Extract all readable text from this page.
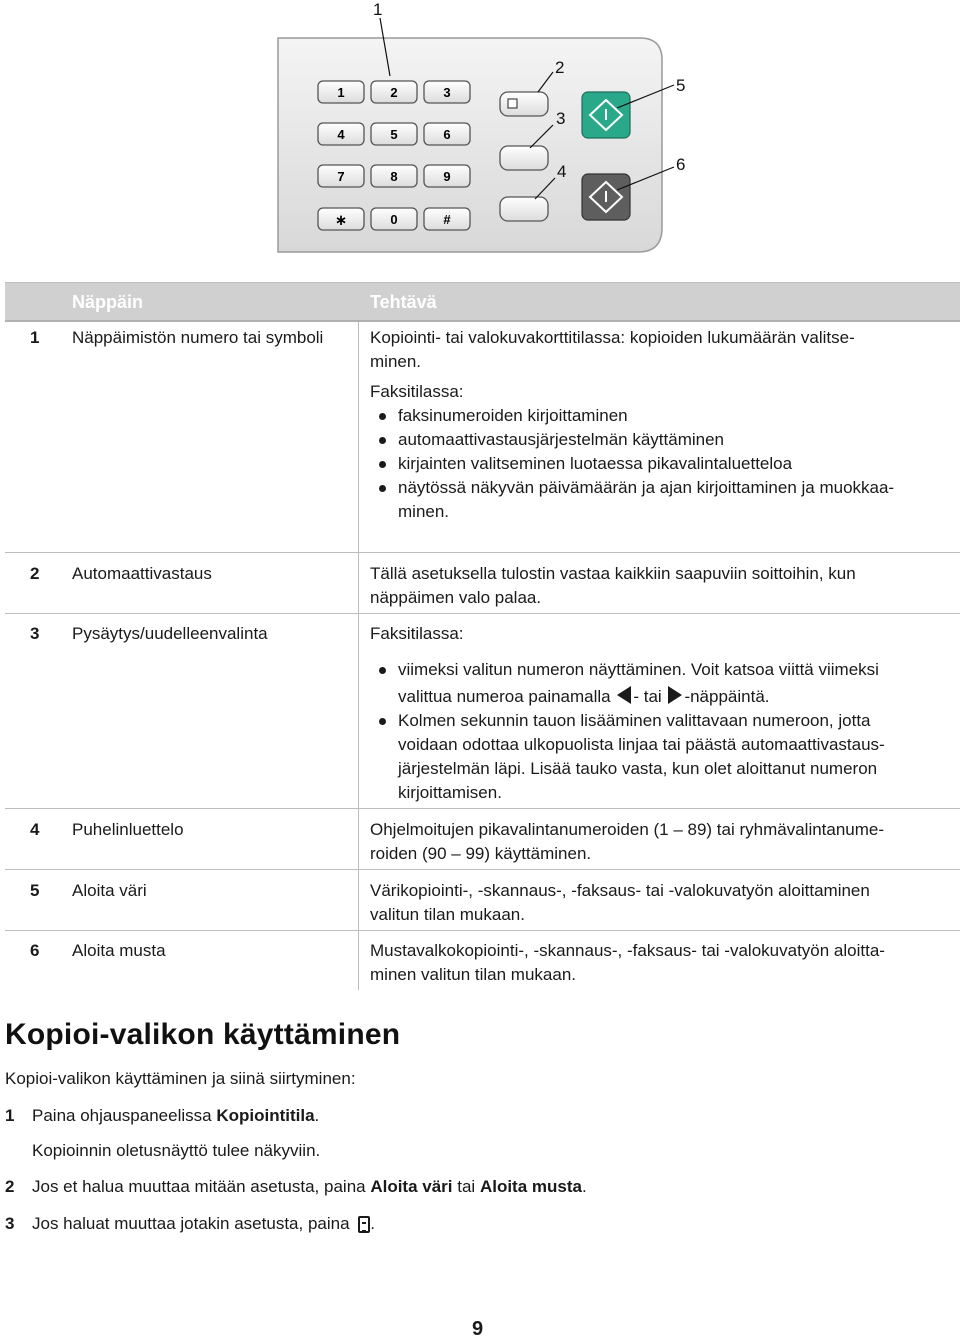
1	2	3
4	5	6
7	8	9
∗	0	#
1
2
3
4
5
6
Näppäin	Tehtävä
1 Näppäimistön numero tai symboli	Kopiointi- tai valokuvakorttitilassa: kopioiden lukumäärän valitse-

minen.

Faksitilassa:

faksinumeroiden kirjoittaminen

automaattivastausjärjestelmän käyttäminen

kirjainten valitseminen luotaessa pikavalintaluetteloa

näytössä näkyvän päivämäärän ja ajan kirjoittaminen ja muokkaa-

minen.

2 Automaattivastaus	Tällä asetuksella tulostin vastaa kaikkiin saapuviin soittoihin, kun

näppäimen valo palaa.

3 Pysäytys/uudelleenvalinta	Faksitilassa:

viimeksi valitun numeron näyttäminen. Voit katsoa viittä viimeksi

valittua numeroa painamalla - tai -näppäintä.

Kolmen sekunnin tauon lisääminen valittavaan numeroon, jotta

voidaan odottaa ulkopuolista linjaa tai päästä automaattivastaus-

järjestelmän läpi. Lisää tauko vasta, kun olet aloittanut numeron

kirjoittamisen.

4 Puhelinluettelo	Ohjelmoitujen pikavalintanumeroiden (1 – 89) tai ryhmävalintanume-

roiden (90 – 99) käyttäminen.

5 Aloita väri	Värikopiointi-, -skannaus-, -faksaus- tai -valokuvatyön aloittaminen

valitun tilan mukaan.

6 Aloita musta	Mustavalkokopiointi-, -skannaus-, -faksaus- tai -valokuvatyön aloitta-

minen valitun tilan mukaan.

Kopioi-valikon käyttäminen
Kopioi-valikon käyttäminen ja siinä siirtyminen:
1 Paina ohjauspaneelissa Kopiointitila.
Kopioinnin oletusnäyttö tulee näkyviin.
2 Jos et halua muuttaa mitään asetusta, paina Aloita väri tai Aloita musta.
3 Jos haluat muuttaa jotakin asetusta, paina .
9
